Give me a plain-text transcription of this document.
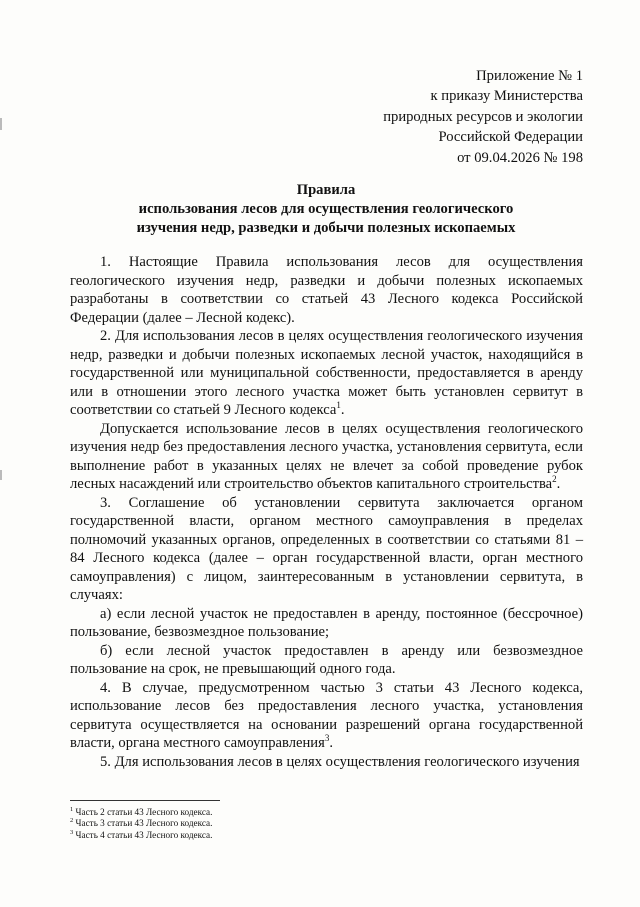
Приложение № 1
к приказу Министерства
природных ресурсов и экологии
Российской Федерации
от 09.04.2026 № 198
Правила
использования лесов для осуществления геологического
изучения недр, разведки и добычи полезных ископаемых

1. Настоящие Правила использования лесов для осуществления геологического изучения недр, разведки и добычи полезных ископаемых разработаны в соответствии со статьей 43 Лесного кодекса Российской Федерации (далее – Лесной кодекс).

2. Для использования лесов в целях осуществления геологического изучения недр, разведки и добычи полезных ископаемых лесной участок, находящийся в государственной или муниципальной собственности, предоставляется в аренду или в отношении этого лесного участка может быть установлен сервитут в соответствии со статьей 9 Лесного кодекса$^1$.

Допускается использование лесов в целях осуществления геологического изучения недр без предоставления лесного участка, установления сервитута, если выполнение работ в указанных целях не влечет за собой проведение рубок лесных насаждений или строительство объектов капитального строительства$^2$.

3. Соглашение об установлении сервитута заключается органом государственной власти, органом местного самоуправления в пределах полномочий указанных органов, определенных в соответствии со статьями 81 – 84 Лесного кодекса (далее – орган государственной власти, орган местного самоуправления) с лицом, заинтересованным в установлении сервитута, в случаях:

а) если лесной участок не предоставлен в аренду, постоянное (бессрочное) пользование, безвозмездное пользование;

б) если лесной участок предоставлен в аренду или безвозмездное пользование на срок, не превышающий одного года.

4. В случае, предусмотренном частью 3 статьи 43 Лесного кодекса, использование лесов без предоставления лесного участка, установления сервитута осуществляется на основании разрешений органа государственной власти, органа местного самоуправления$^3$.

5. Для использования лесов в целях осуществления геологического изучения

$^1$ Часть 2 статьи 43 Лесного кодекса.
$^2$ Часть 3 статьи 43 Лесного кодекса.
$^3$ Часть 4 статьи 43 Лесного кодекса.
